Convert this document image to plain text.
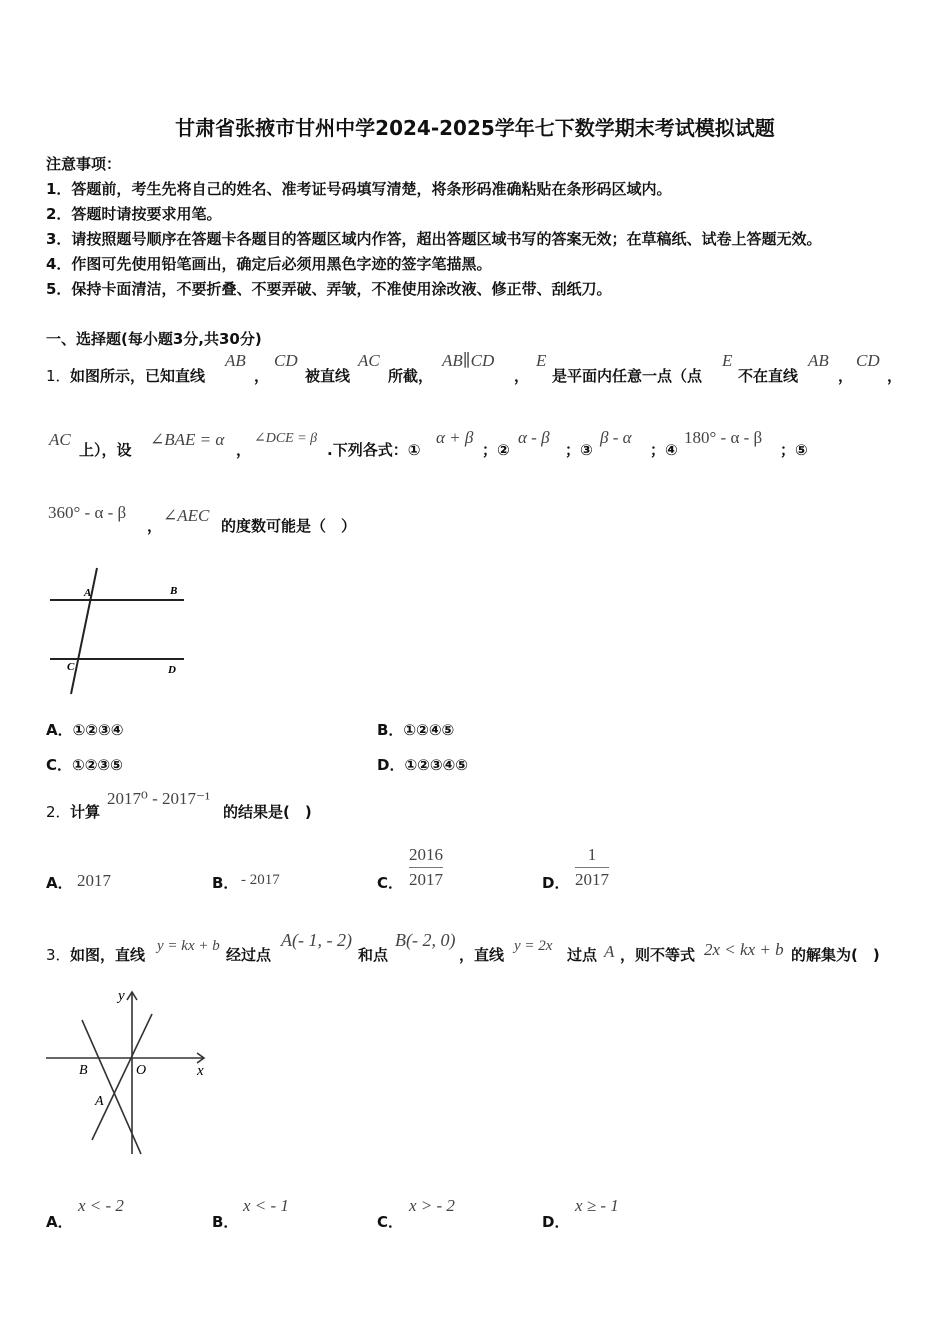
甘肃省张掖市甘州中学2024-2025学年七下数学期末考试模拟试题
注意事项：
1．答题前，考生先将自己的姓名、准考证号码填写清楚，将条形码准确粘贴在条形码区域内。
2．答题时请按要求用笔。
3．请按照题号顺序在答题卡各题目的答题区域内作答，超出答题区域书写的答案无效；在草稿纸、试卷上答题无效。
4．作图可先使用铅笔画出，确定后必须用黑色字迹的签字笔描黑。
5．保持卡面清洁，不要折叠、不要弄破、弄皱，不准使用涂改液、修正带、刮纸刀。
一、选择题(每小题3分,共30分)
1． 如图所示，已知直线
AB
，
CD
被直线
AC
所截，
AB∥CD
，
E
是平面内任意一点（点
E
不在直线
AB
，
CD
，
AC
上），设
∠BAE = α
，
∠DCE = β
.下列各式：①
α + β
；②
α - β
；③
β - α
；④
180° - α - β
；⑤
360° - α - β
，
∠AEC
的度数可能是（　）
A	B
C	D
A．①②③④	B．①②④⑤
C．①②③⑤	D．①②③④⑤
2． 计算
2017⁰ - 2017⁻¹
的结果是(　)
A． 2017	B． - 2017	C．
2016
2017	D．
1
2017
3． 如图，直线 y = kx + b 经过点
A(- 1, - 2)
和点
B(- 2, 0)
，直线 y = 2x 过点 A ，则不等式 2x < kx + b 的解集为(　)
y
x
O
B
A
A．
x < - 2
B．
x < - 1
C．
x > - 2
D．
x ≥ - 1
